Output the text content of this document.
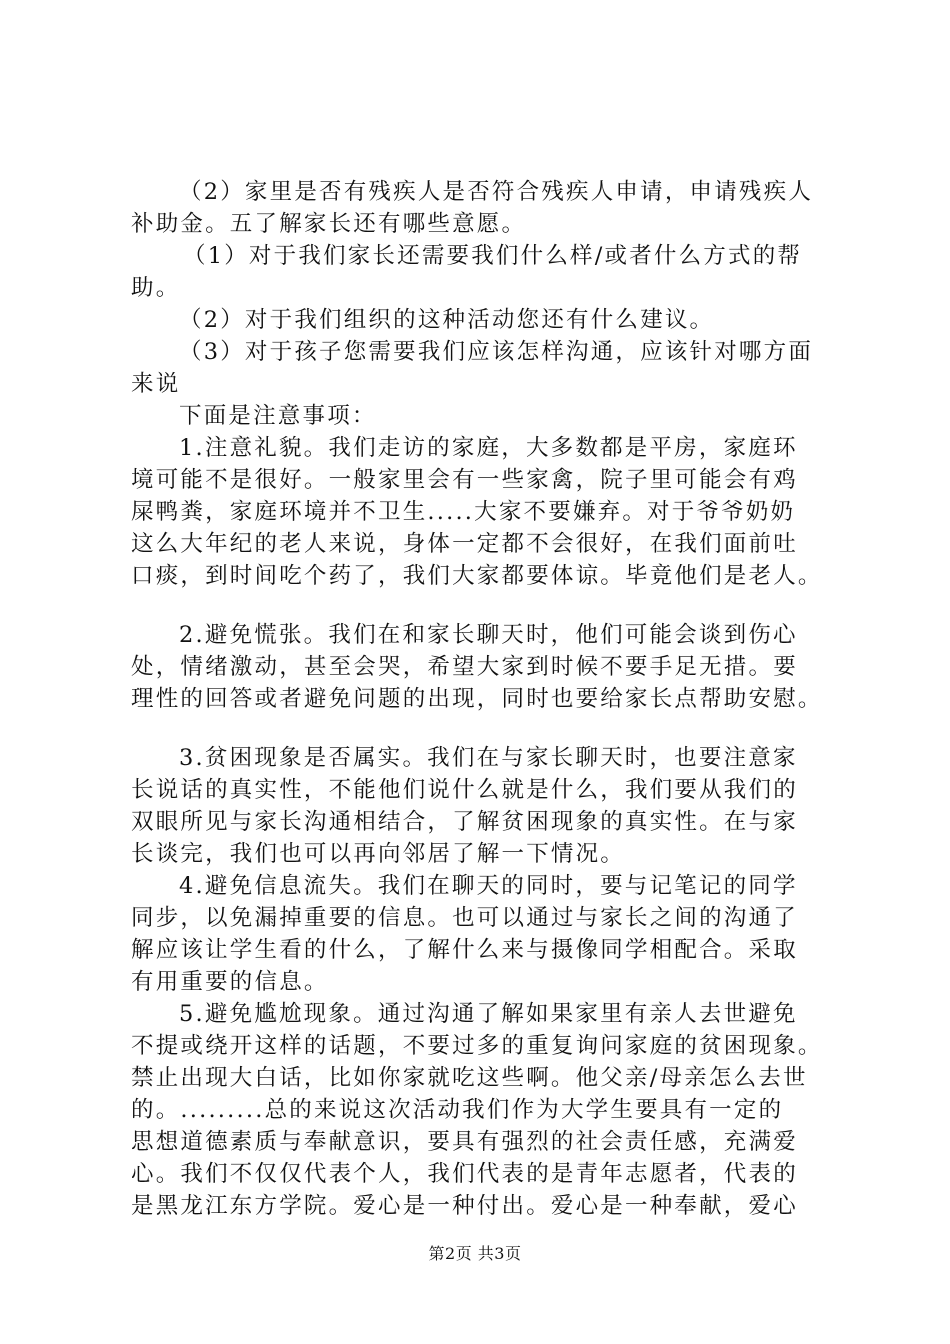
（2）家里是否有残疾人是否符合残疾人申请，申请残疾人
补助金。五了解家长还有哪些意愿。
（1）对于我们家长还需要我们什么样/或者什么方式的帮
助。
（2）对于我们组织的这种活动您还有什么建议。
（3）对于孩子您需要我们应该怎样沟通，应该针对哪方面
来说
下面是注意事项：
1.注意礼貌。我们走访的家庭，大多数都是平房，家庭环
境可能不是很好。一般家里会有一些家禽，院子里可能会有鸡
屎鸭粪，家庭环境并不卫生.....大家不要嫌弃。对于爷爷奶奶
这么大年纪的老人来说，身体一定都不会很好，在我们面前吐
口痰，到时间吃个药了，我们大家都要体谅。毕竟他们是老人。
2.避免慌张。我们在和家长聊天时，他们可能会谈到伤心
处，情绪激动，甚至会哭，希望大家到时候不要手足无措。要
理性的回答或者避免问题的出现，同时也要给家长点帮助安慰。
3.贫困现象是否属实。我们在与家长聊天时，也要注意家
长说话的真实性，不能他们说什么就是什么，我们要从我们的
双眼所见与家长沟通相结合，了解贫困现象的真实性。在与家
长谈完，我们也可以再向邻居了解一下情况。
4.避免信息流失。我们在聊天的同时，要与记笔记的同学
同步，以免漏掉重要的信息。也可以通过与家长之间的沟通了
解应该让学生看的什么，了解什么来与摄像同学相配合。采取
有用重要的信息。
5.避免尴尬现象。通过沟通了解如果家里有亲人去世避免
不提或绕开这样的话题，不要过多的重复询问家庭的贫困现象。
禁止出现大白话，比如你家就吃这些啊。他父亲/母亲怎么去世
的。.........总的来说这次活动我们作为大学生要具有一定的
思想道德素质与奉献意识，要具有强烈的社会责任感，充满爱
心。我们不仅仅代表个人，我们代表的是青年志愿者，代表的
是黑龙江东方学院。爱心是一种付出。爱心是一种奉献，爱心
第2页 共3页
